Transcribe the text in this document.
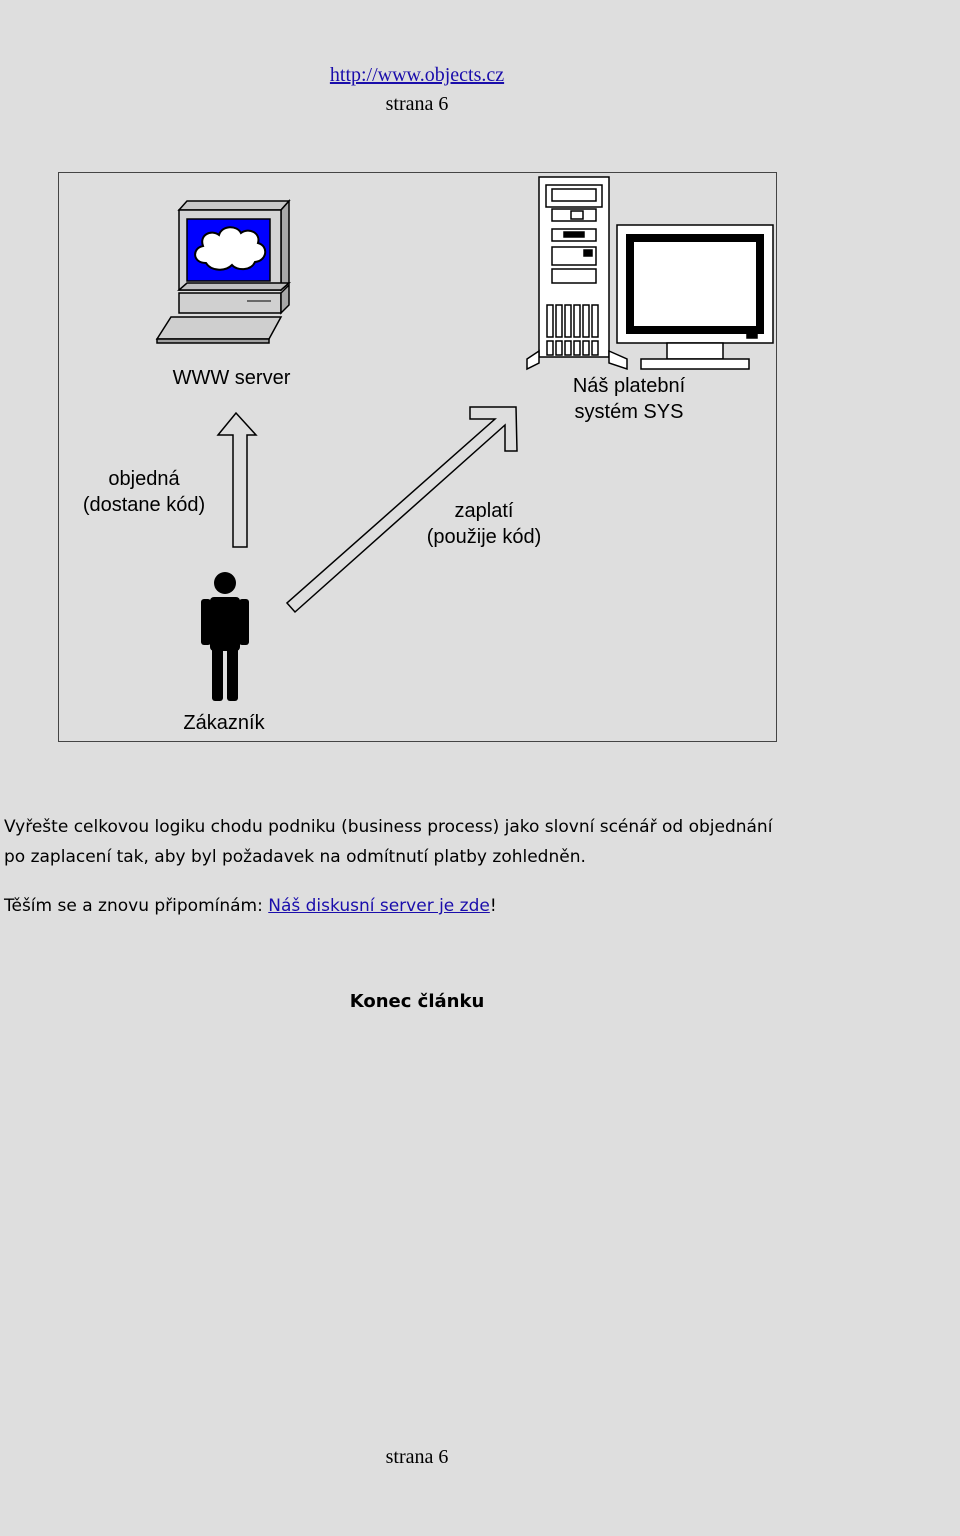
http://www.objects.cz
strana 6
WWW server	Náš platební
systém SYS
objedná
(dostane kód)	zaplatí
(použije kód)
Zákazník
Vyřešte celkovou logiku chodu podniku (business process) jako slovní scénář od objednání
po zaplacení tak, aby byl požadavek na odmítnutí platby zohledněn.
Těším se a znovu připomínám: Náš diskusní server je zde!
Konec článku
strana 6
